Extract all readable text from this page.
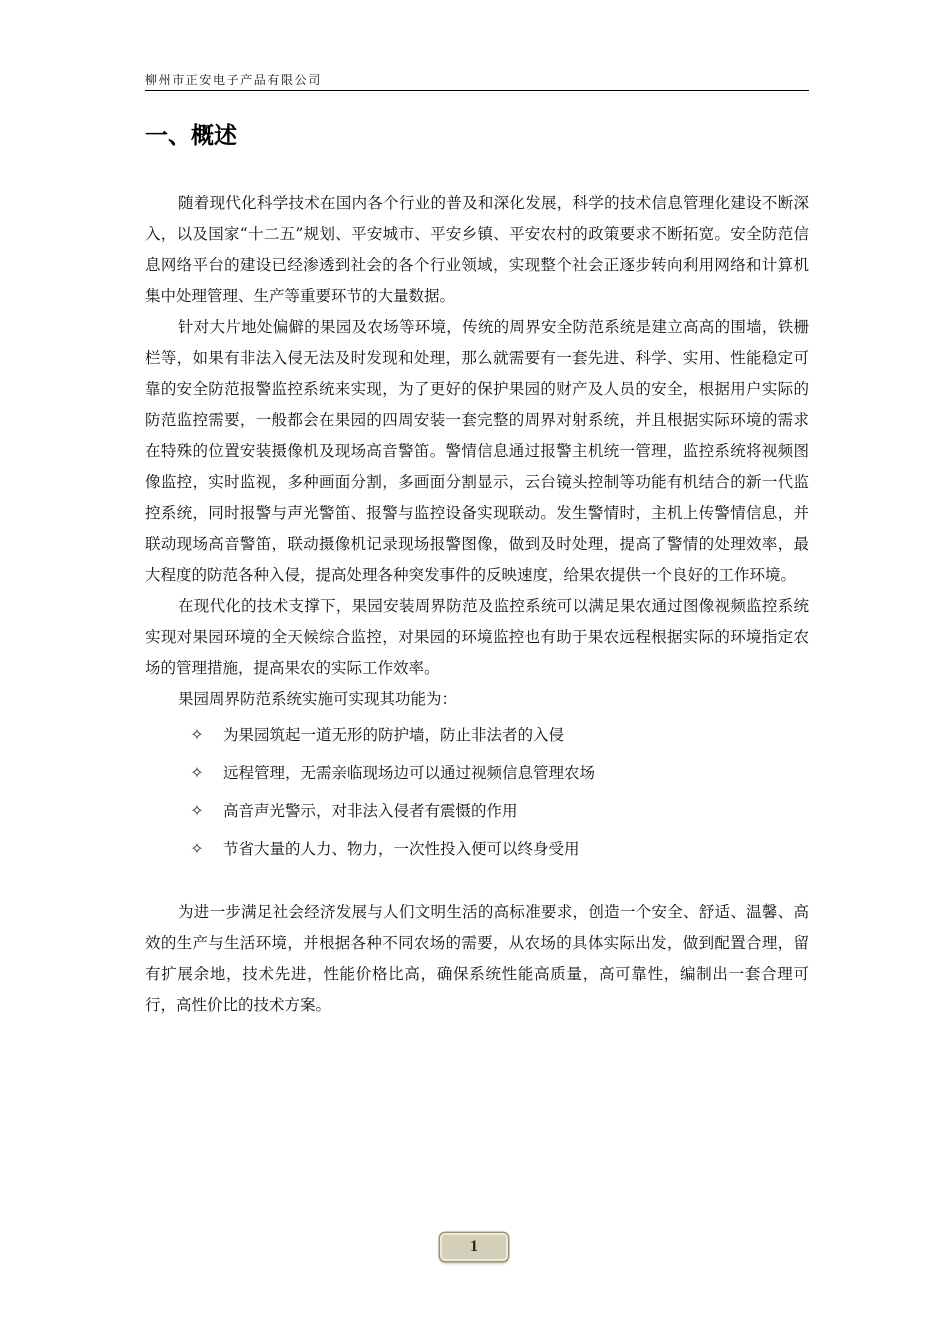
柳州市正安电子产品有限公司
一、概述

随着现代化科学技术在国内各个行业的普及和深化发展，科学的技术信息管理化建设不断深入，以及国家“十二五”规划、平安城市、平安乡镇、平安农村的政策要求不断拓宽。安全防范信息网络平台的建设已经渗透到社会的各个行业领域，实现整个社会正逐步转向利用网络和计算机集中处理管理、生产等重要环节的大量数据。

针对大片地处偏僻的果园及农场等环境，传统的周界安全防范系统是建立高高的围墙，铁栅栏等，如果有非法入侵无法及时发现和处理，那么就需要有一套先进、科学、实用、性能稳定可靠的安全防范报警监控系统来实现，为了更好的保护果园的财产及人员的安全，根据用户实际的防范监控需要，一般都会在果园的四周安装一套完整的周界对射系统，并且根据实际环境的需求在特殊的位置安装摄像机及现场高音警笛。警情信息通过报警主机统一管理，监控系统将视频图像监控，实时监视，多种画面分割，多画面分割显示，云台镜头控制等功能有机结合的新一代监控系统，同时报警与声光警笛、报警与监控设备实现联动。发生警情时，主机上传警情信息，并联动现场高音警笛，联动摄像机记录现场报警图像，做到及时处理，提高了警情的处理效率，最大程度的防范各种入侵，提高处理各种突发事件的反映速度，给果农提供一个良好的工作环境。

在现代化的技术支撑下，果园安装周界防范及监控系统可以满足果农通过图像视频监控系统实现对果园环境的全天候综合监控，对果园的环境监控也有助于果农远程根据实际的环境指定农场的管理措施，提高果农的实际工作效率。

果园周界防范系统实施可实现其功能为：

✧ 为果园筑起一道无形的防护墙，防止非法者的入侵
✧ 远程管理，无需亲临现场边可以通过视频信息管理农场
✧ 高音声光警示，对非法入侵者有震慑的作用
✧ 节省大量的人力、物力，一次性投入便可以终身受用

为进一步满足社会经济发展与人们文明生活的高标准要求，创造一个安全、舒适、温馨、高效的生产与生活环境，并根据各种不同农场的需要，从农场的具体实际出发，做到配置合理，留有扩展余地，技术先进，性能价格比高，确保系统性能高质量，高可靠性，编制出一套合理可行，高性价比的技术方案。

1
